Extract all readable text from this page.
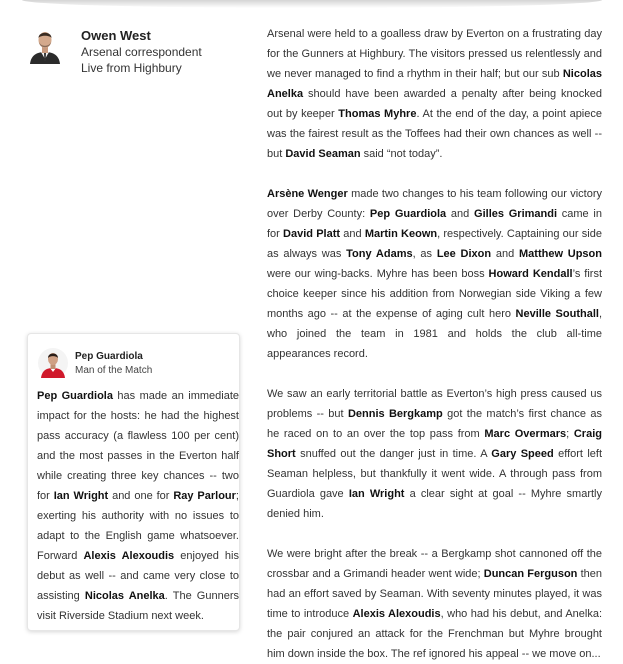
Owen West
Arsenal correspondent
Live from Highbury
Pep Guardiola
Man of the Match
Pep Guardiola has made an immediate impact for the hosts: he had the highest pass accuracy (a flawless 100 per cent) and the most passes in the Everton half while creating three key chances -- two for Ian Wright and one for Ray Parlour; exerting his authority with no issues to adapt to the English game whatsoever. Forward Alexis Alexoudis enjoyed his debut as well -- and came very close to assisting Nicolas Anelka. The Gunners visit Riverside Stadium next week.

Arsenal were held to a goalless draw by Everton on a frustrating day for the Gunners at Highbury. The visitors pressed us relentlessly and we never managed to find a rhythm in their half; but our sub Nicolas Anelka should have been awarded a penalty after being knocked out by keeper Thomas Myhre. At the end of the day, a point apiece was the fairest result as the Toffees had their own chances as well -- but David Seaman said “not today”.

Arsène Wenger made two changes to his team following our victory over Derby County: Pep Guardiola and Gilles Grimandi came in for David Platt and Martin Keown, respectively. Captaining our side as always was Tony Adams, as Lee Dixon and Matthew Upson were our wing-backs. Myhre has been boss Howard Kendall’s first choice keeper since his addition from Norwegian side Viking a few months ago -- at the expense of aging cult hero Neville Southall, who joined the team in 1981 and holds the club all-time appearances record.

We saw an early territorial battle as Everton’s high press caused us problems -- but Dennis Bergkamp got the match’s first chance as he raced on to an over the top pass from Marc Overmars; Craig Short snuffed out the danger just in time. A Gary Speed effort left Seaman helpless, but thankfully it went wide. A through pass from Guardiola gave Ian Wright a clear sight at goal -- Myhre smartly denied him.

We were bright after the break -- a Bergkamp shot cannoned off the crossbar and a Grimandi header went wide; Duncan Ferguson then had an effort saved by Seaman. With seventy minutes played, it was time to introduce Alexis Alexoudis, who had his debut, and Anelka: the pair conjured an attack for the Frenchman but Myhre brought him down inside the box. The ref ignored his appeal -- we move on...
